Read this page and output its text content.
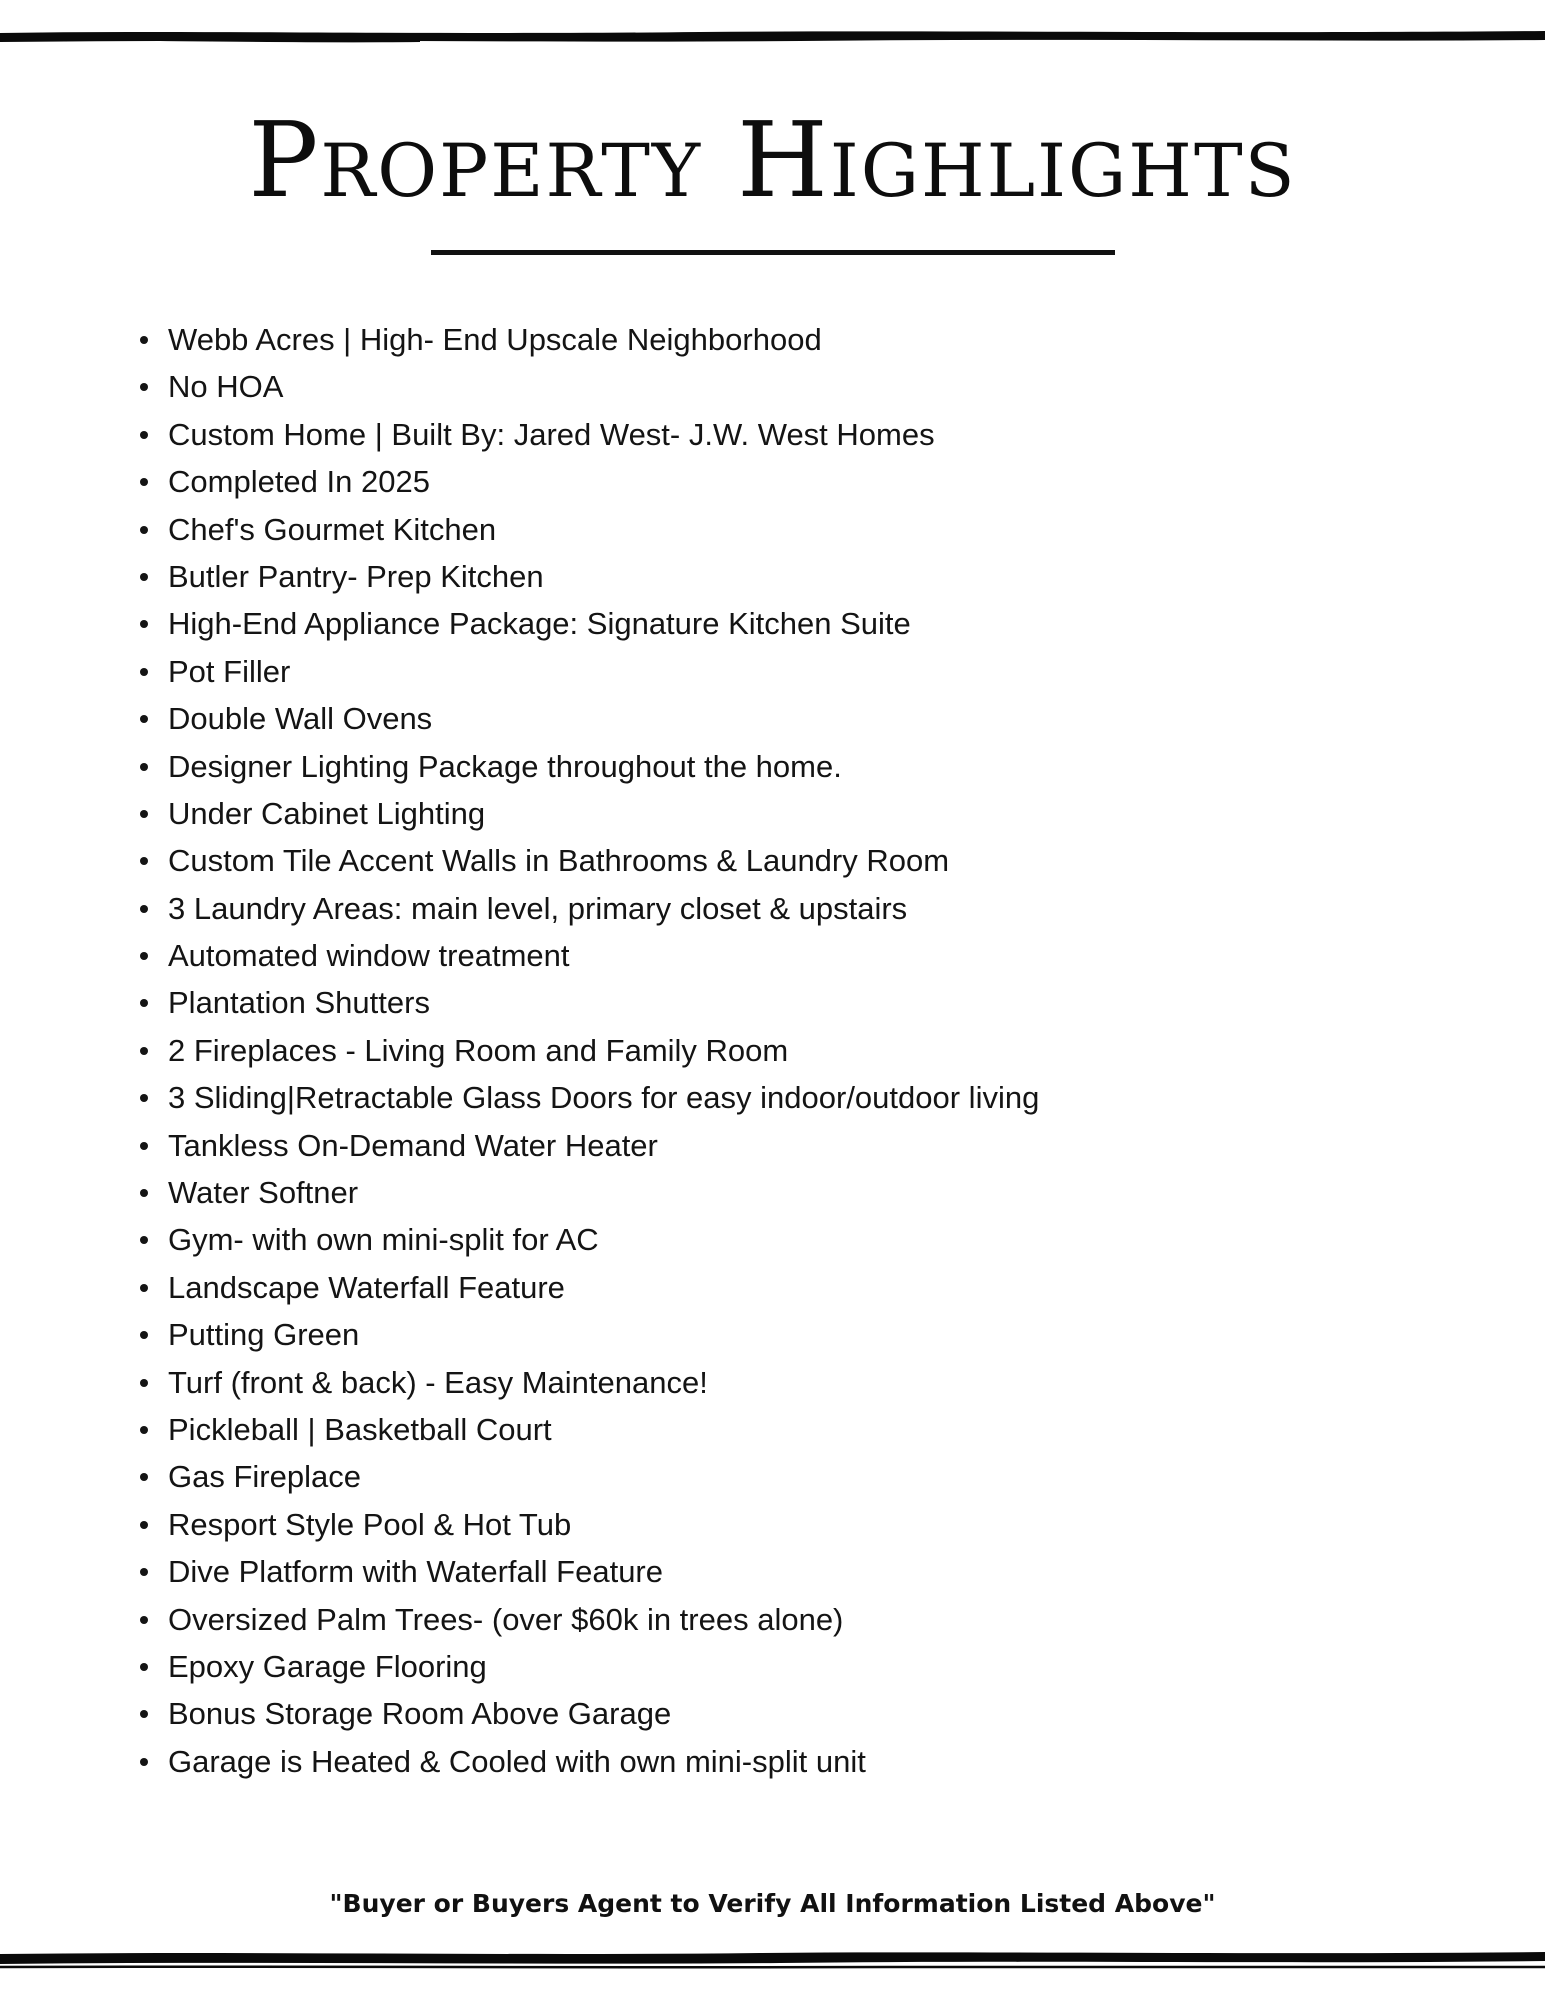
Property Highlights
Webb Acres | High- End Upscale Neighborhood
No HOA
Custom Home | Built By: Jared West- J.W. West Homes
Completed In 2025
Chef's Gourmet Kitchen
Butler Pantry- Prep Kitchen
High-End Appliance Package: Signature Kitchen Suite
Pot Filler
Double Wall Ovens
Designer Lighting Package throughout the home.
Under Cabinet Lighting
Custom Tile Accent Walls in Bathrooms & Laundry Room
3 Laundry Areas: main level, primary closet & upstairs
Automated window treatment
Plantation Shutters
2 Fireplaces - Living Room and Family Room
3 Sliding|Retractable Glass Doors for easy indoor/outdoor living
Tankless On-Demand Water Heater
Water Softner
Gym- with own mini-split for AC
Landscape Waterfall Feature
Putting Green
Turf (front & back) - Easy Maintenance!
Pickleball | Basketball Court
Gas Fireplace
Resport Style Pool & Hot Tub
Dive Platform with Waterfall Feature
Oversized Palm Trees- (over $60k in trees alone)
Epoxy Garage Flooring
Bonus Storage Room Above Garage
Garage is Heated & Cooled with own mini-split unit
"Buyer or Buyers Agent to Verify All Information Listed Above"
